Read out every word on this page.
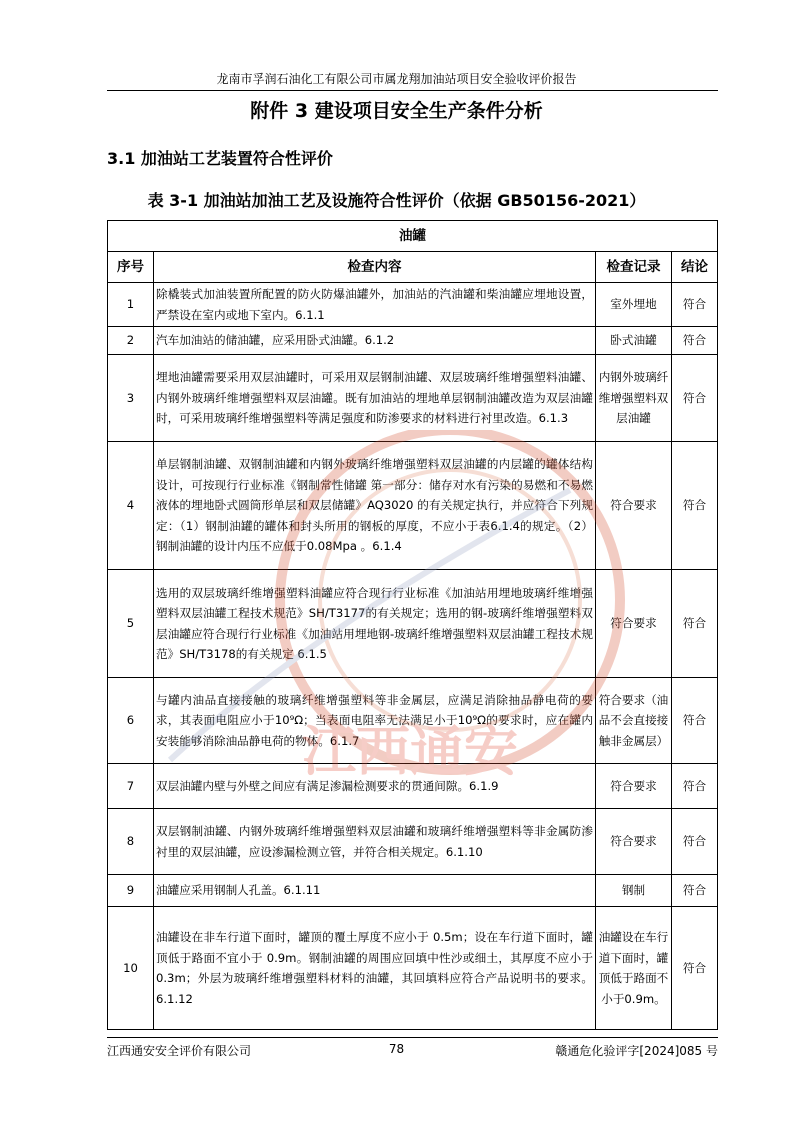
龙南市孚润石油化工有限公司市属龙翔加油站项目安全验收评价报告
附件 3 建设项目安全生产条件分析
3.1 加油站工艺装置符合性评价
表 3-1 加油站加油工艺及设施符合性评价（依据 GB50156-2021）
油罐			
序号	检查内容	检查记录	结论
1	除橇装式加油装置所配置的防火防爆油罐外，加油站的汽油罐和柴油罐应埋地设置，严禁设在室内或地下室内。6.1.1	室外埋地	符合
2	汽车加油站的储油罐，应采用卧式油罐。6.1.2	卧式油罐	符合
3	埋地油罐需要采用双层油罐时，可采用双层钢制油罐、双层玻璃纤维增强塑料油罐、内钢外玻璃纤维增强塑料双层油罐。既有加油站的埋地单层钢制油罐改造为双层油罐时，可采用玻璃纤维增强塑料等满足强度和防渗要求的材料进行衬里改造。6.1.3	内钢外玻璃纤维增强塑料双层油罐	符合
4	单层钢制油罐、双钢制油罐和内钢外玻璃纤维增强塑料双层油罐的内层罐的罐体结构设计，可按现行行业标准《钢制常性储罐 第一部分：储存对水有污染的易燃和不易燃液体的埋地卧式圆筒形单层和双层储罐》AQ3020 的有关规定执行，并应符合下列规定：（1）钢制油罐的罐体和封头所用的钢板的厚度，不应小于表6.1.4的规定。（2）钢制油罐的设计内压不应低于0.08Mpa 。6.1.4	符合要求	符合
5	选用的双层玻璃纤维增强塑料油罐应符合现行行业标准《加油站用埋地玻璃纤维增强塑料双层油罐工程技术规范》SH/T3177的有关规定；选用的钢-玻璃纤维增强塑料双层油罐应符合现行行业标准《加油站用埋地钢-玻璃纤维增强塑料双层油罐工程技术规范》SH/T3178的有关规定 6.1.5	符合要求	符合
6	与罐内油品直接接触的玻璃纤维增强塑料等非金属层，应满足消除抽品静电荷的要求，其表面电阻应小于10⁹Ω；当表面电阻率无法满足小于10⁹Ω的要求时，应在罐内安装能够消除油品静电荷的物体。6.1.7	符合要求（油品不会直接接触非金属层）	符合
7	双层油罐内壁与外壁之间应有满足渗漏检测要求的贯通间隙。6.1.9	符合要求	符合
8	双层钢制油罐、内钢外玻璃纤维增强塑料双层油罐和玻璃纤维增强塑料等非金属防渗衬里的双层油罐，应设渗漏检测立管，并符合相关规定。6.1.10	符合要求	符合
9	油罐应采用钢制人孔盖。6.1.11	钢制	符合
10	油罐设在非车行道下面时，罐顶的覆土厚度不应小于 0.5m；设在车行道下面时，罐顶低于路面不宜小于 0.9m。钢制油罐的周围应回填中性沙或细土，其厚度不应小于 0.3m；外层为玻璃纤维增强塑料材料的油罐，其回填料应符合产品说明书的要求。6.1.12	油罐设在车行道下面时，罐顶低于路面不小于0.9m。	符合
江西通安
江西通安安全评价有限公司	78	赣通危化验评字[2024]085 号
